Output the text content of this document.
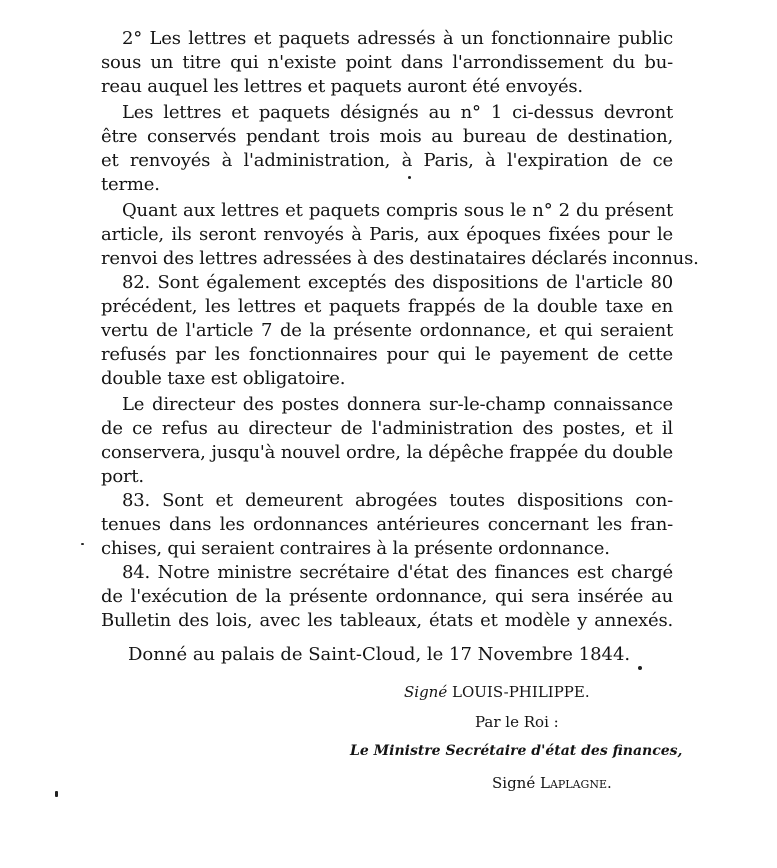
2° Les lettres et paquets adressés à un fonctionnaire public
sous un titre qui n'existe point dans l'arrondissement du bu-
reau auquel les lettres et paquets auront été envoyés.
Les lettres et paquets désignés au n° 1 ci-dessus devront
être conservés pendant trois mois au bureau de destination,
et renvoyés à l'administration, à Paris, à l'expiration de ce
terme.
Quant aux lettres et paquets compris sous le n° 2 du présent
article, ils seront renvoyés à Paris, aux époques fixées pour le
renvoi des lettres adressées à des destinataires déclarés inconnus.
82. Sont également exceptés des dispositions de l'article 80
précédent, les lettres et paquets frappés de la double taxe en
vertu de l'article 7 de la présente ordonnance, et qui seraient
refusés par les fonctionnaires pour qui le payement de cette
double taxe est obligatoire.
Le directeur des postes donnera sur-le-champ connaissance
de ce refus au directeur de l'administration des postes, et il
conservera, jusqu'à nouvel ordre, la dépêche frappée du double
port.
83. Sont et demeurent abrogées toutes dispositions con-
tenues dans les ordonnances antérieures concernant les fran-
chises, qui seraient contraires à la présente ordonnance.
84. Notre ministre secrétaire d'état des finances est chargé
de l'exécution de la présente ordonnance, qui sera insérée au
Bulletin des lois, avec les tableaux, états et modèle y annexés.
Donné au palais de Saint-Cloud, le 17 Novembre 1844.
Signé LOUIS-PHILIPPE.
Par le Roi :
Le Ministre Secrétaire d'état des finances,
Signé Laplagne.
